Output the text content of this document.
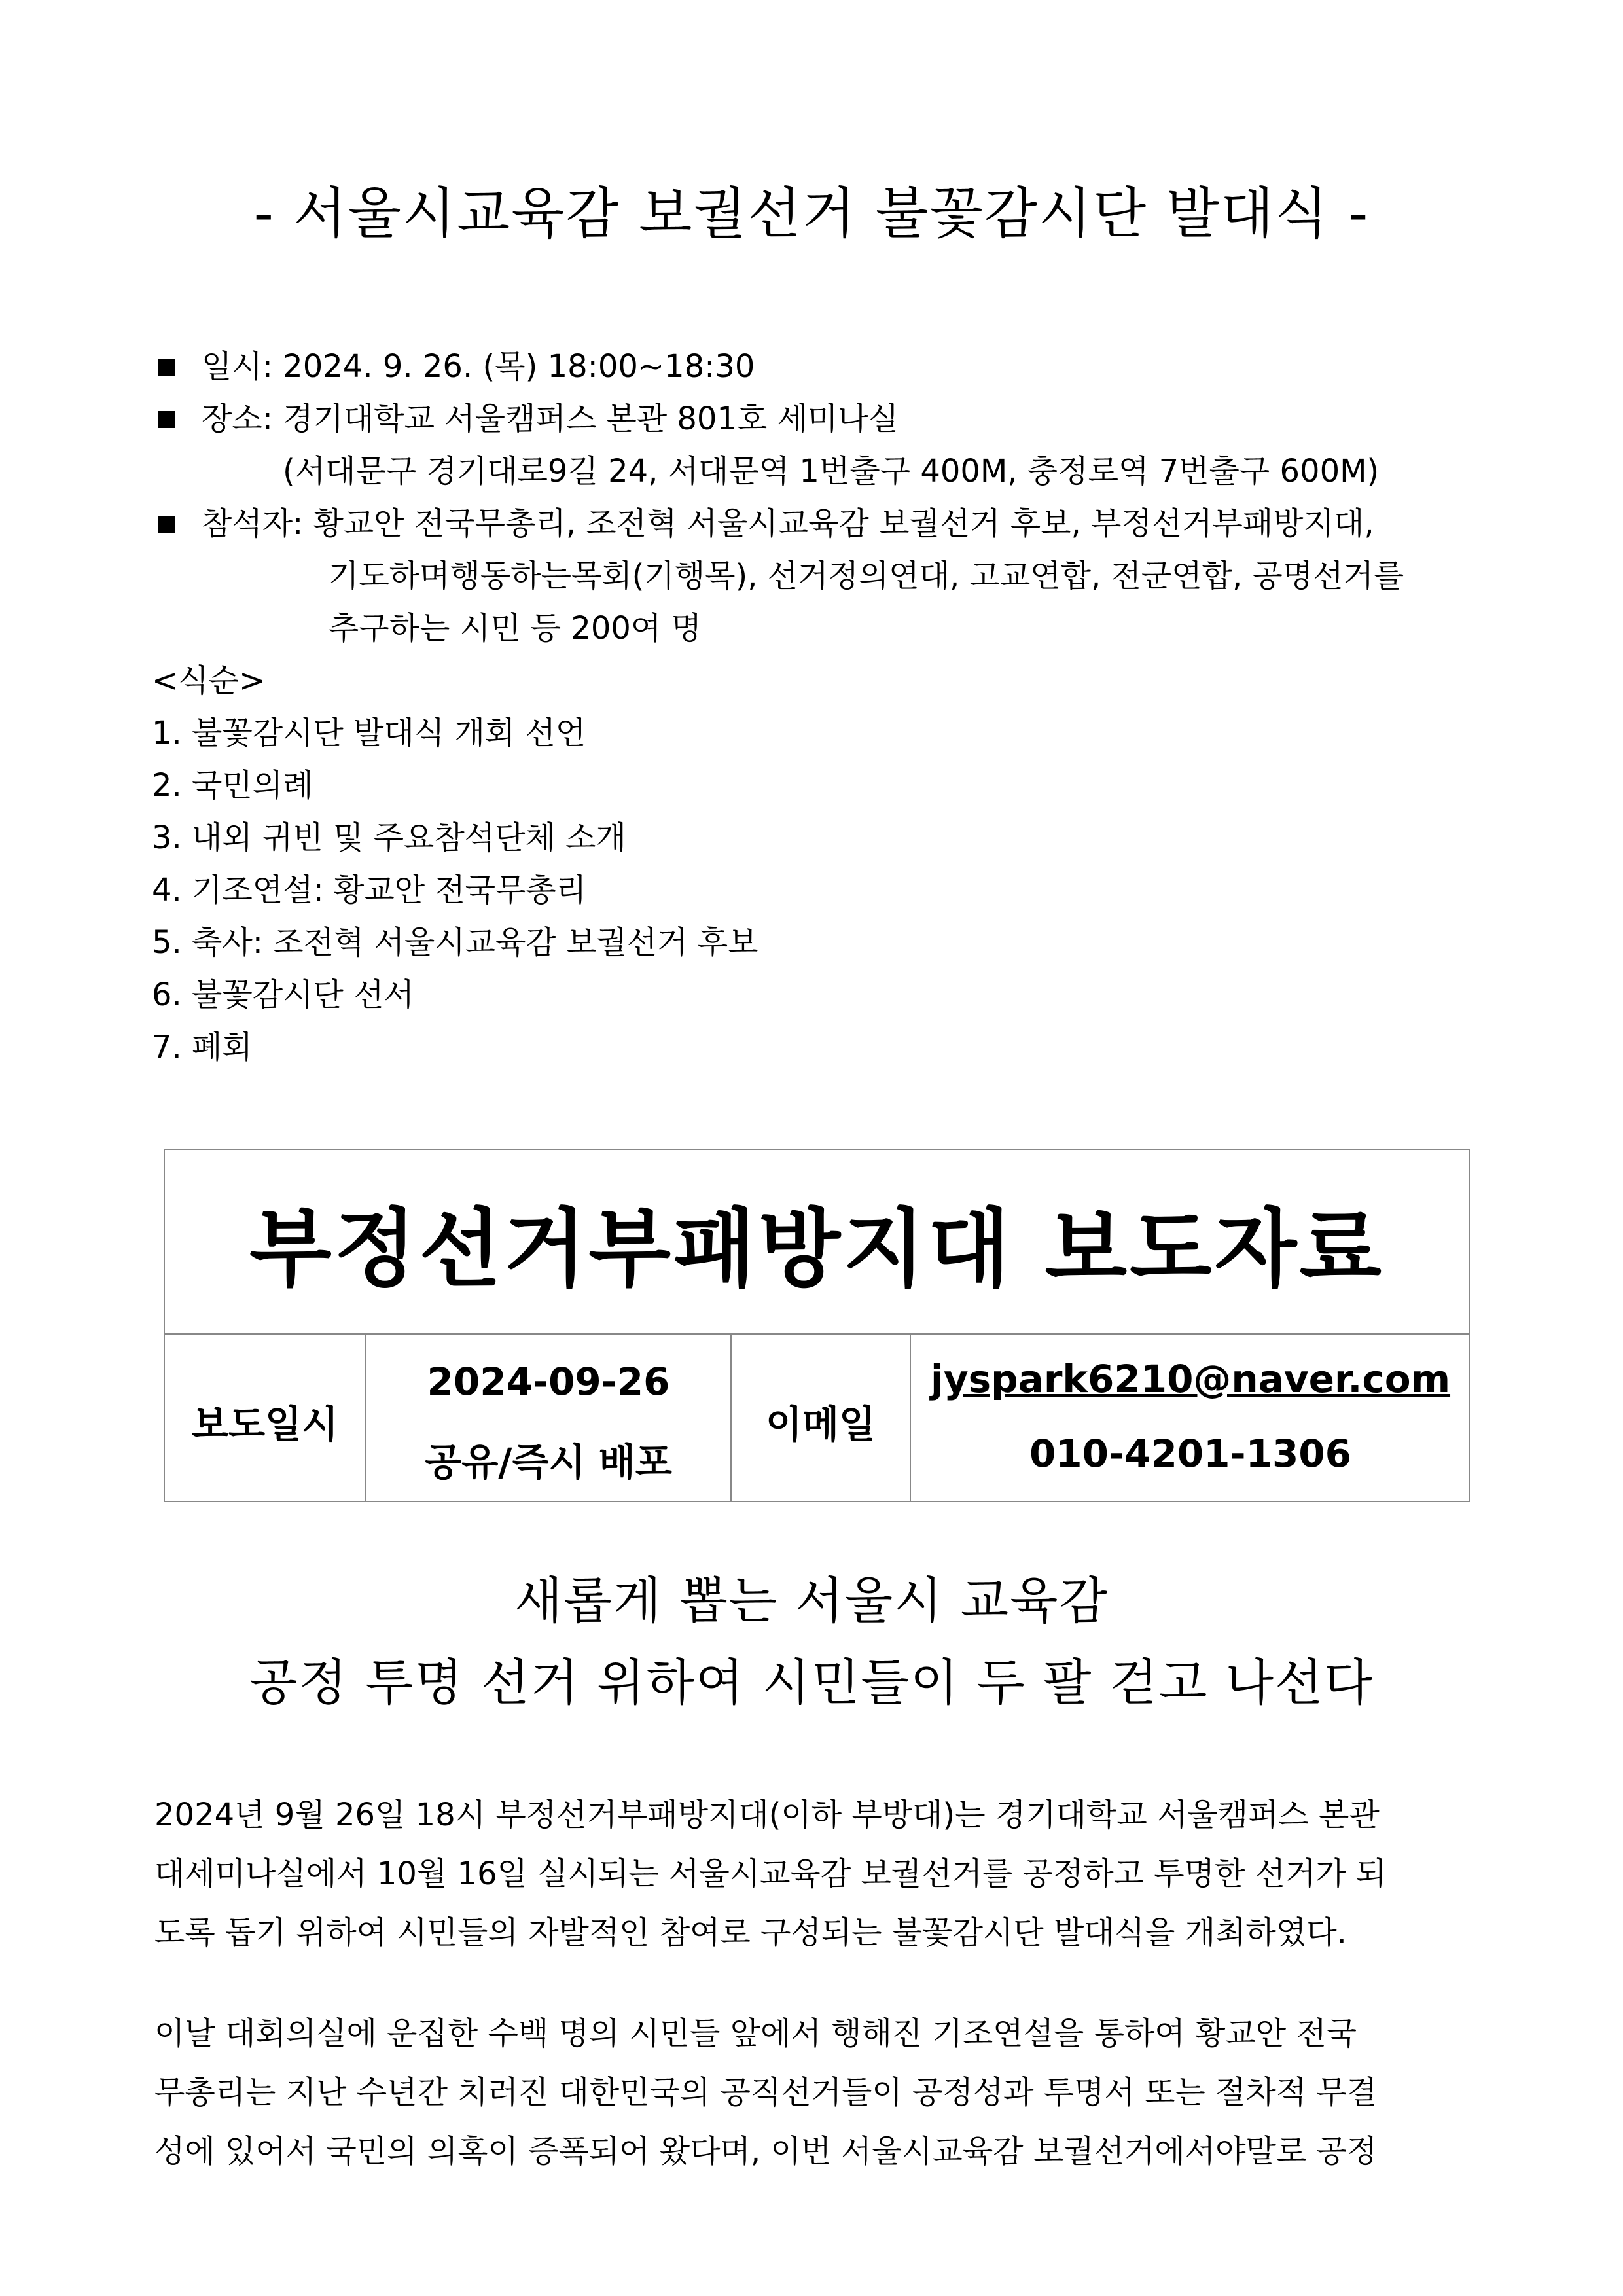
- 서울시교육감 보궐선거 불꽃감시단 발대식 -
일시: 2024. 9. 26. (목) 18:00~18:30
장소: 경기대학교 서울캠퍼스 본관 801호 세미나실
(서대문구 경기대로9길 24, 서대문역 1번출구 400M, 충정로역 7번출구 600M)
참석자: 황교안 전국무총리, 조전혁 서울시교육감 보궐선거 후보, 부정선거부패방지대,
기도하며행동하는목회(기행목), 선거정의연대, 고교연합, 전군연합, 공명선거를
추구하는 시민 등 200여 명
<식순>
1. 불꽃감시단 발대식 개회 선언
2. 국민의례
3. 내외 귀빈 및 주요참석단체 소개
4. 기조연설: 황교안 전국무총리
5. 축사: 조전혁 서울시교육감 보궐선거 후보
6. 불꽃감시단 선서
7. 폐회
부정선거부패방지대 보도자료
보도일시
2024-09-26
공유/즉시 배포
이메일
jyspark6210@naver.com
010-4201-1306
새롭게 뽑는 서울시 교육감
공정 투명 선거 위하여 시민들이 두 팔 걷고 나선다
2024년 9월 26일 18시 부정선거부패방지대(이하 부방대)는 경기대학교 서울캠퍼스 본관
대세미나실에서 10월 16일 실시되는 서울시교육감 보궐선거를 공정하고 투명한 선거가 되
도록 돕기 위하여 시민들의 자발적인 참여로 구성되는 불꽃감시단 발대식을 개최하였다.
이날 대회의실에 운집한 수백 명의 시민들 앞에서 행해진 기조연설을 통하여 황교안 전국
무총리는 지난 수년간 치러진 대한민국의 공직선거들이 공정성과 투명서 또는 절차적 무결
성에 있어서 국민의 의혹이 증폭되어 왔다며, 이번 서울시교육감 보궐선거에서야말로 공정
